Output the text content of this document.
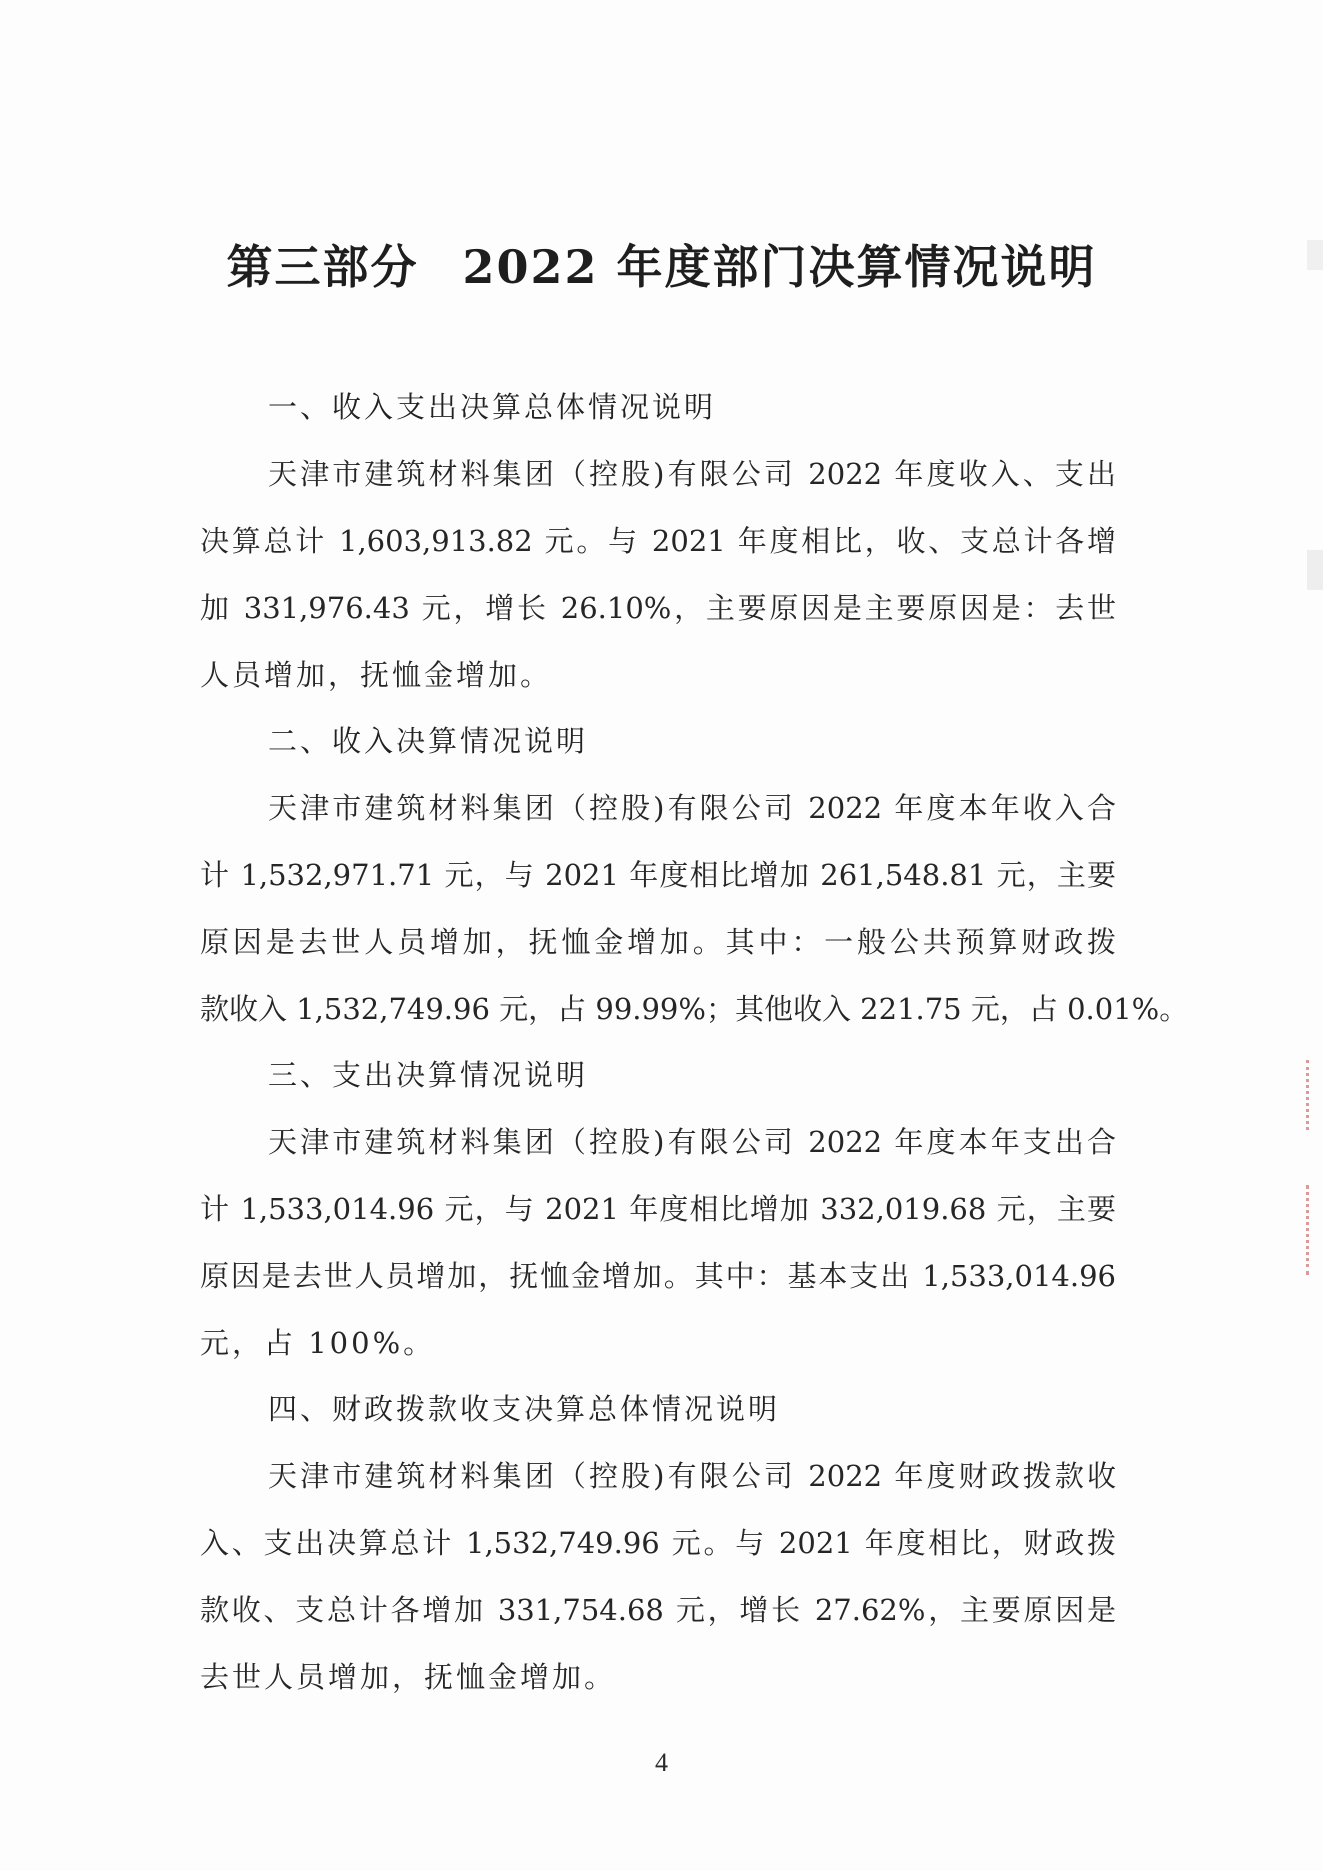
第三部分 2022 年度部门决算情况说明
一、收入支出决算总体情况说明
天津市建筑材料集团（控股)有限公司 2022 年度收入、支出
决算总计 1,603,913.82 元。与 2021 年度相比，收、支总计各增
加 331,976.43 元，增长 26.10%，主要原因是主要原因是：去世
人员增加，抚恤金增加。
二、收入决算情况说明
天津市建筑材料集团（控股)有限公司 2022 年度本年收入合
计 1,532,971.71 元，与 2021 年度相比增加 261,548.81 元，主要
原因是去世人员增加，抚恤金增加。其中：一般公共预算财政拨
款收入 1,532,749.96 元，占 99.99%；其他收入 221.75 元，占 0.01%。
三、支出决算情况说明
天津市建筑材料集团（控股)有限公司 2022 年度本年支出合
计 1,533,014.96 元，与 2021 年度相比增加 332,019.68 元，主要
原因是去世人员增加，抚恤金增加。其中：基本支出 1,533,014.96
元，占 100%。
四、财政拨款收支决算总体情况说明
天津市建筑材料集团（控股)有限公司 2022 年度财政拨款收
入、支出决算总计 1,532,749.96 元。与 2021 年度相比，财政拨
款收、支总计各增加 331,754.68 元，增长 27.62%，主要原因是
去世人员增加，抚恤金增加。
4
